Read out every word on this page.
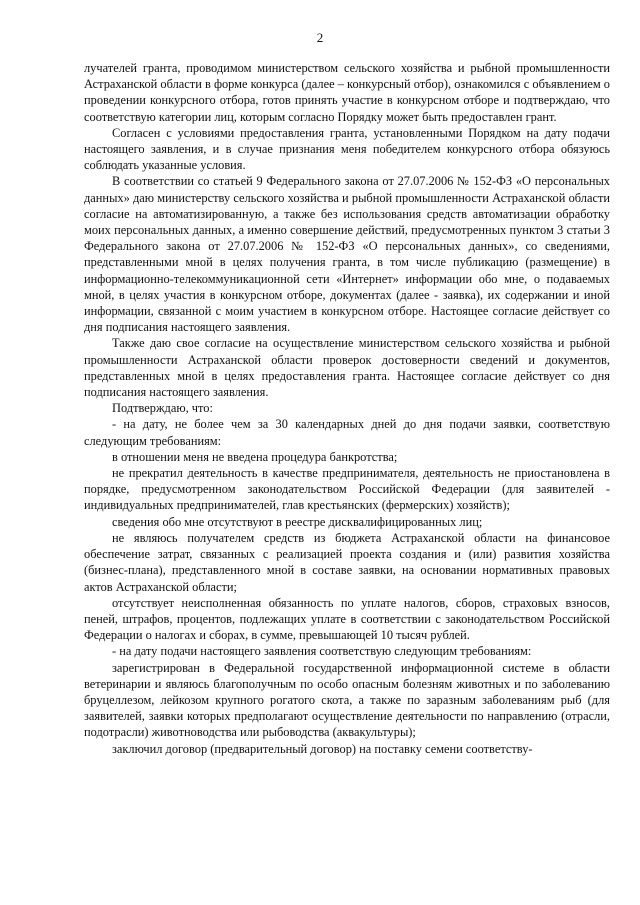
2

лучателей гранта, проводимом министерством сельского хозяйства и рыбной промышленности Астраханской области в форме конкурса (далее – конкурсный отбор), ознакомился с объявлением о проведении конкурсного отбора, готов принять участие в конкурсном отборе и подтверждаю, что соответствую категории лиц, которым согласно Порядку может быть предоставлен грант.

Согласен с условиями предоставления гранта, установленными Порядком на дату подачи настоящего заявления, и в случае признания меня победителем конкурсного отбора обязуюсь соблюдать указанные условия.

В соответствии со статьей 9 Федерального закона от 27.07.2006 № 152-ФЗ «О персональных данных» даю министерству сельского хозяйства и рыбной промышленности Астраханской области согласие на автоматизированную, а также без использования средств автоматизации обработку моих персональных данных, а именно совершение действий, предусмотренных пунктом 3 статьи 3 Федерального закона от 27.07.2006 № 152-ФЗ «О персональных данных», со сведениями, представленными мной в целях получения гранта, в том числе публикацию (размещение) в информационно-телекоммуникационной сети «Интернет» информации обо мне, о подаваемых мной, в целях участия в конкурсном отборе, документах (далее - заявка), их содержании и иной информации, связанной с моим участием в конкурсном отборе. Настоящее согласие действует со дня подписания настоящего заявления.

Также даю свое согласие на осуществление министерством сельского хозяйства и рыбной промышленности Астраханской области проверок достоверности сведений и документов, представленных мной в целях предоставления гранта. Настоящее согласие действует со дня подписания настоящего заявления.

Подтверждаю, что:

- на дату, не более чем за 30 календарных дней до дня подачи заявки, соответствую следующим требованиям:

в отношении меня не введена процедура банкротства;

не прекратил деятельность в качестве предпринимателя, деятельность не приостановлена в порядке, предусмотренном законодательством Российской Федерации (для заявителей - индивидуальных предпринимателей, глав крестьянских (фермерских) хозяйств);

сведения обо мне отсутствуют в реестре дисквалифицированных лиц;

не являюсь получателем средств из бюджета Астраханской области на финансовое обеспечение затрат, связанных с реализацией проекта создания и (или) развития хозяйства (бизнес-плана), представленного мной в составе заявки, на основании нормативных правовых актов Астраханской области;

отсутствует неисполненная обязанность по уплате налогов, сборов, страховых взносов, пеней, штрафов, процентов, подлежащих уплате в соответствии с законодательством Российской Федерации о налогах и сборах, в сумме, превышающей 10 тысяч рублей.

- на дату подачи настоящего заявления соответствую следующим требованиям:

зарегистрирован в Федеральной государственной информационной системе в области ветеринарии и являюсь благополучным по особо опасным болезням животных и по заболеванию бруцеллезом, лейкозом крупного рогатого скота, а также по заразным заболеваниям рыб (для заявителей, заявки которых предполагают осуществление деятельности по направлению (отрасли, подотрасли) животноводства или рыбоводства (аквакультуры);

заключил договор (предварительный договор) на поставку семени соответству-
